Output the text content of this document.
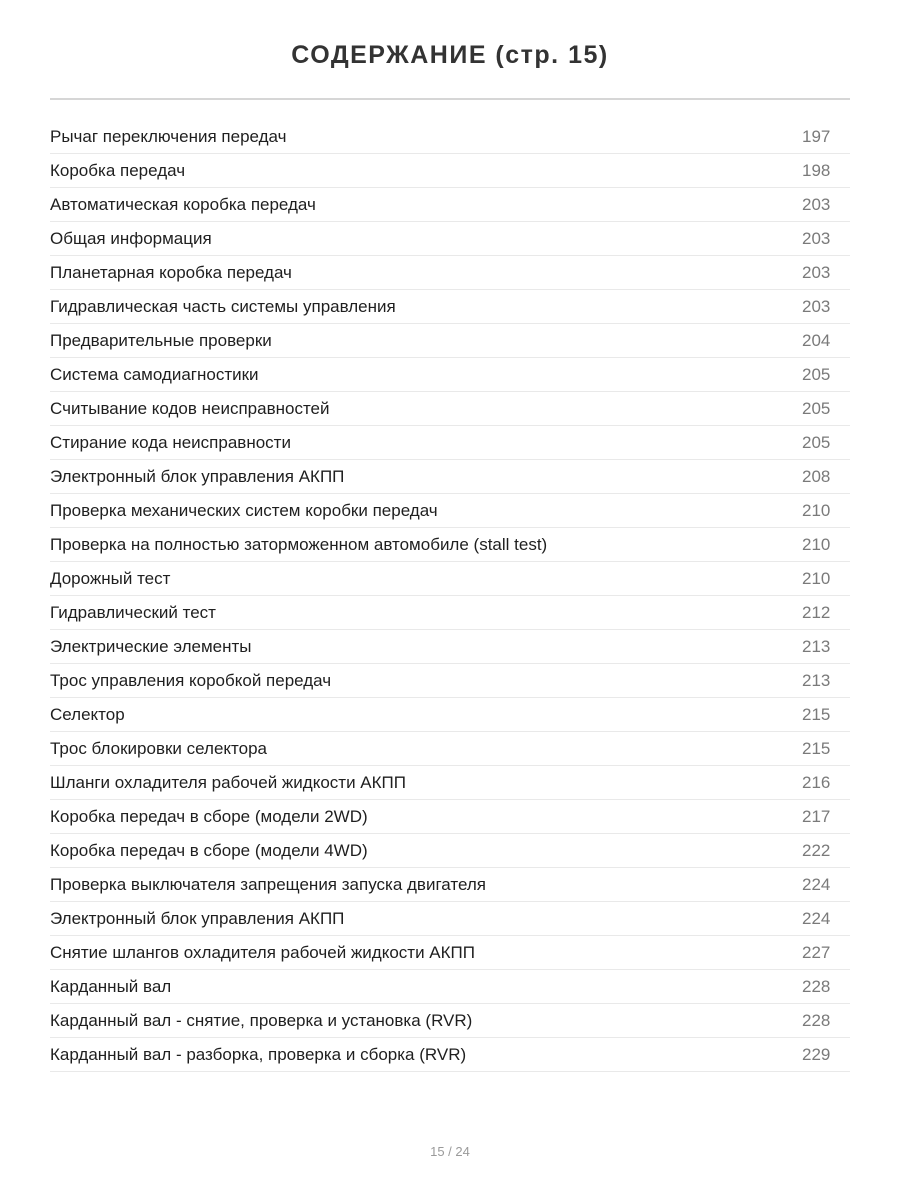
СОДЕРЖАНИЕ (стр. 15)
Рычаг переключения передач	197
Коробка передач	198
Автоматическая коробка передач	203
Общая информация	203
Планетарная коробка передач	203
Гидравлическая часть системы управления	203
Предварительные проверки	204
Система самодиагностики	205
Считывание кодов неисправностей	205
Стирание кода неисправности	205
Электронный блок управления АКПП	208
Проверка механических систем коробки передач	210
Проверка на полностью заторможенном автомобиле (stall test)	210
Дорожный тест	210
Гидравлический тест	212
Электрические элементы	213
Трос управления коробкой передач	213
Селектор	215
Трос блокировки селектора	215
Шланги охладителя рабочей жидкости АКПП	216
Коробка передач в сборе (модели 2WD)	217
Коробка передач в сборе (модели 4WD)	222
Проверка выключателя запрещения запуска двигателя	224
Электронный блок управления АКПП	224
Снятие шлангов охладителя рабочей жидкости АКПП	227
Карданный вал	228
Карданный вал - снятие, проверка и установка (RVR)	228
Карданный вал - разборка, проверка и сборка (RVR)	229
15 / 24
